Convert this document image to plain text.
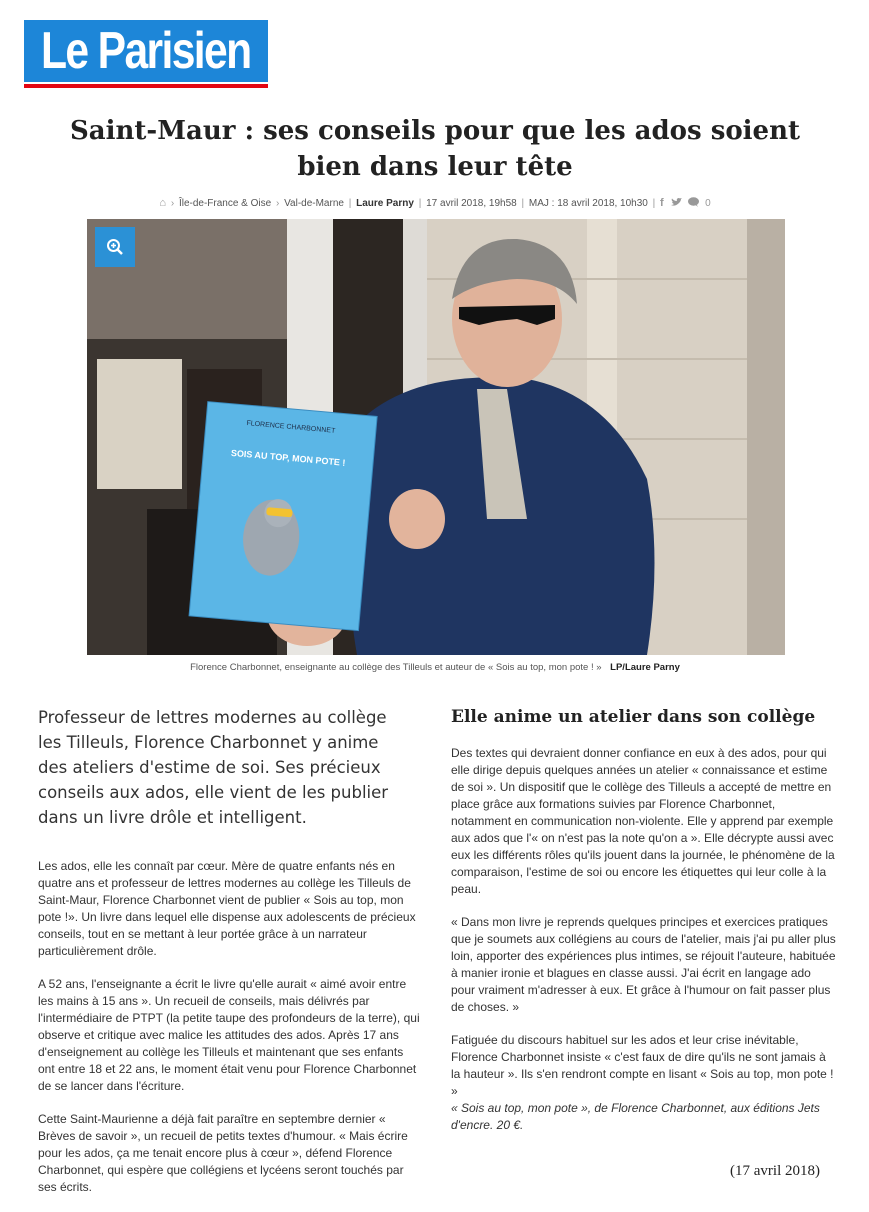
Le Parisien
Saint-Maur : ses conseils pour que les ados soient bien dans leur tête
⌂ › Île-de-France & Oise › Val-de-Marne | Laure Parny | 17 avril 2018, 19h58 | MAJ : 18 avril 2018, 10h30 | f	0
FLORENCE CHARBONNET
SOIS AU TOP, MON POTE !
Florence Charbonnet, enseignante au collège des Tilleuls et auteur de « Sois au top, mon pote ! » LP/Laure Parny
Professeur de lettres modernes au collège les Tilleuls, Florence Charbonnet y anime des ateliers d'estime de soi. Ses précieux conseils aux ados, elle vient de les publier dans un livre drôle et intelligent.

Les ados, elle les connaît par cœur. Mère de quatre enfants nés en quatre ans et professeur de lettres modernes au collège les Tilleuls de Saint-Maur, Florence Charbonnet vient de publier « Sois au top, mon pote !». Un livre dans lequel elle dispense aux adolescents de précieux conseils, tout en se mettant à leur portée grâce à un narrateur particulièrement drôle.

A 52 ans, l'enseignante a écrit le livre qu'elle aurait « aimé avoir entre les mains à 15 ans ». Un recueil de conseils, mais délivrés par l'intermédiaire de PTPT (la petite taupe des profondeurs de la terre), qui observe et critique avec malice les attitudes des ados. Après 17 ans d'enseignement au collège les Tilleuls et maintenant que ses enfants ont entre 18 et 22 ans, le moment était venu pour Florence Charbonnet de se lancer dans l'écriture.

Cette Saint-Maurienne a déjà fait paraître en septembre dernier « Brèves de savoir », un recueil de petits textes d'humour. « Mais écrire pour les ados, ça me tenait encore plus à cœur », défend Florence Charbonnet, qui espère que collégiens et lycéens seront touchés par ses écrits.

Elle anime un atelier dans son collège

Des textes qui devraient donner confiance en eux à des ados, pour qui elle dirige depuis quelques années un atelier « connaissance et estime de soi ». Un dispositif que le collège des Tilleuls a accepté de mettre en place grâce aux formations suivies par Florence Charbonnet, notamment en communication non-violente. Elle y apprend par exemple aux ados que l'« on n'est pas la note qu'on a ». Elle décrypte aussi avec eux les différents rôles qu'ils jouent dans la journée, le phénomène de la comparaison, l'estime de soi ou encore les étiquettes qui leur colle à la peau.

« Dans mon livre je reprends quelques principes et exercices pratiques que je soumets aux collégiens au cours de l'atelier, mais j'ai pu aller plus loin, apporter des expériences plus intimes, se réjouit l'auteure, habituée à manier ironie et blagues en classe aussi. J'ai écrit en langage ado pour vraiment m'adresser à eux. Et grâce à l'humour on fait passer plus de choses. »

Fatiguée du discours habituel sur les ados et leur crise inévitable, Florence Charbonnet insiste « c'est faux de dire qu'ils ne sont jamais à la hauteur ». Ils s'en rendront compte en lisant « Sois au top, mon pote ! »

« Sois au top, mon pote », de Florence Charbonnet, aux éditions Jets d'encre. 20 €.

(17 avril 2018)
